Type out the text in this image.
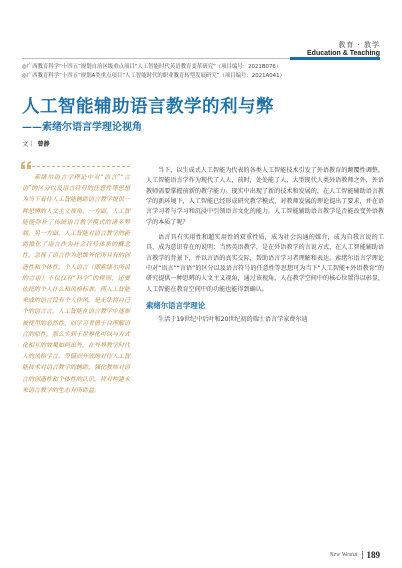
教育 · 教学
Education & Teaching
◎广西教育科学“十四五”规划自治区级重点项目“人工智能时代英语教育变革研究”（项目编号：2021B076）
◎广西教育科学“十四五”规划A类重点项目“人工智能时代的职业教育转型发展研究”（项目编号：2021A041）
人工智能辅助语言教学的利与弊
——索绪尔语言学理论视角
文｜ 曾静

索绪尔语言学理论中对“语言”“言语”的区分以及语言符号的任意性等思想为当下看待人工智能辅助语言教学提供一种思辨的人文主义视角。一方面，人工智能能弥补了传统语言教学模式的诸多弊端。另一方面，人工智能对语言教学的新助推化了语言作为社会符号体系的概念性，忽视了语言作为思维外化所具有的创造性和个体性，个人语言（即索绪尔所说的言语）不仅仅有“科学”的规则，还要依托的个人什么和风格标准。两人工智能来成的语言没有个人作风，是无法将自己个的语言言。人工智能在语言教学中逐渐被使用的必然性，而学习者借于自理解语言的原性，那么实到于世界化可以与方式化相互的效果如何出外，在外界教学时代人的风格学言。卑镐而开放地对待人工智能技术对语言教学的辅助，强化教师对语言的创造性和个体性的认识，将对构建未来语言教学的生态有所助益。

当下，以生成式人工智能为代表的各类人工智能技术引发了外语教育的颠覆性调整。人工智能语言学作为现代了人人，前时，处处能了人，大型现代人类外语教师之外，外语教师需要掌握前新的教学能力。现实中出现了新的技术和发展的，在人工智能辅助语言教学的新环境下，人工智能已经形成研究教学模式，对教师发展的理论提出了要求，并在语言学习者与学习和沉浸中引领语言文化的能力。人工智能辅助语言教学是否能改变外语教学的本质了呢？

语言具有实用性和超实用性的双重性质，成为社会沟通的媒介，成为自我言说的工具，成为意识存在的说明；当然英语教学，是在外语教学的言说方式，在人工智能辅助语言教学的背景下，并以言语的真实交际，帮助语言学习者理解和表达。索绪尔语言学理论中对“语言”“言语”的区分以及语言符号的任意性等思想可为当下“人工智能+外语教育”的研究提供一种思辨的人文主义视角，通过该视角，人在教学空间中的核心位置得以彰显，人工智能在教育空间中的功能也能得到确认。

索绪尔语言学理论

生活于19世纪中后叶和20世纪初的瑞士语言学家费尔迪

New Westat 189
